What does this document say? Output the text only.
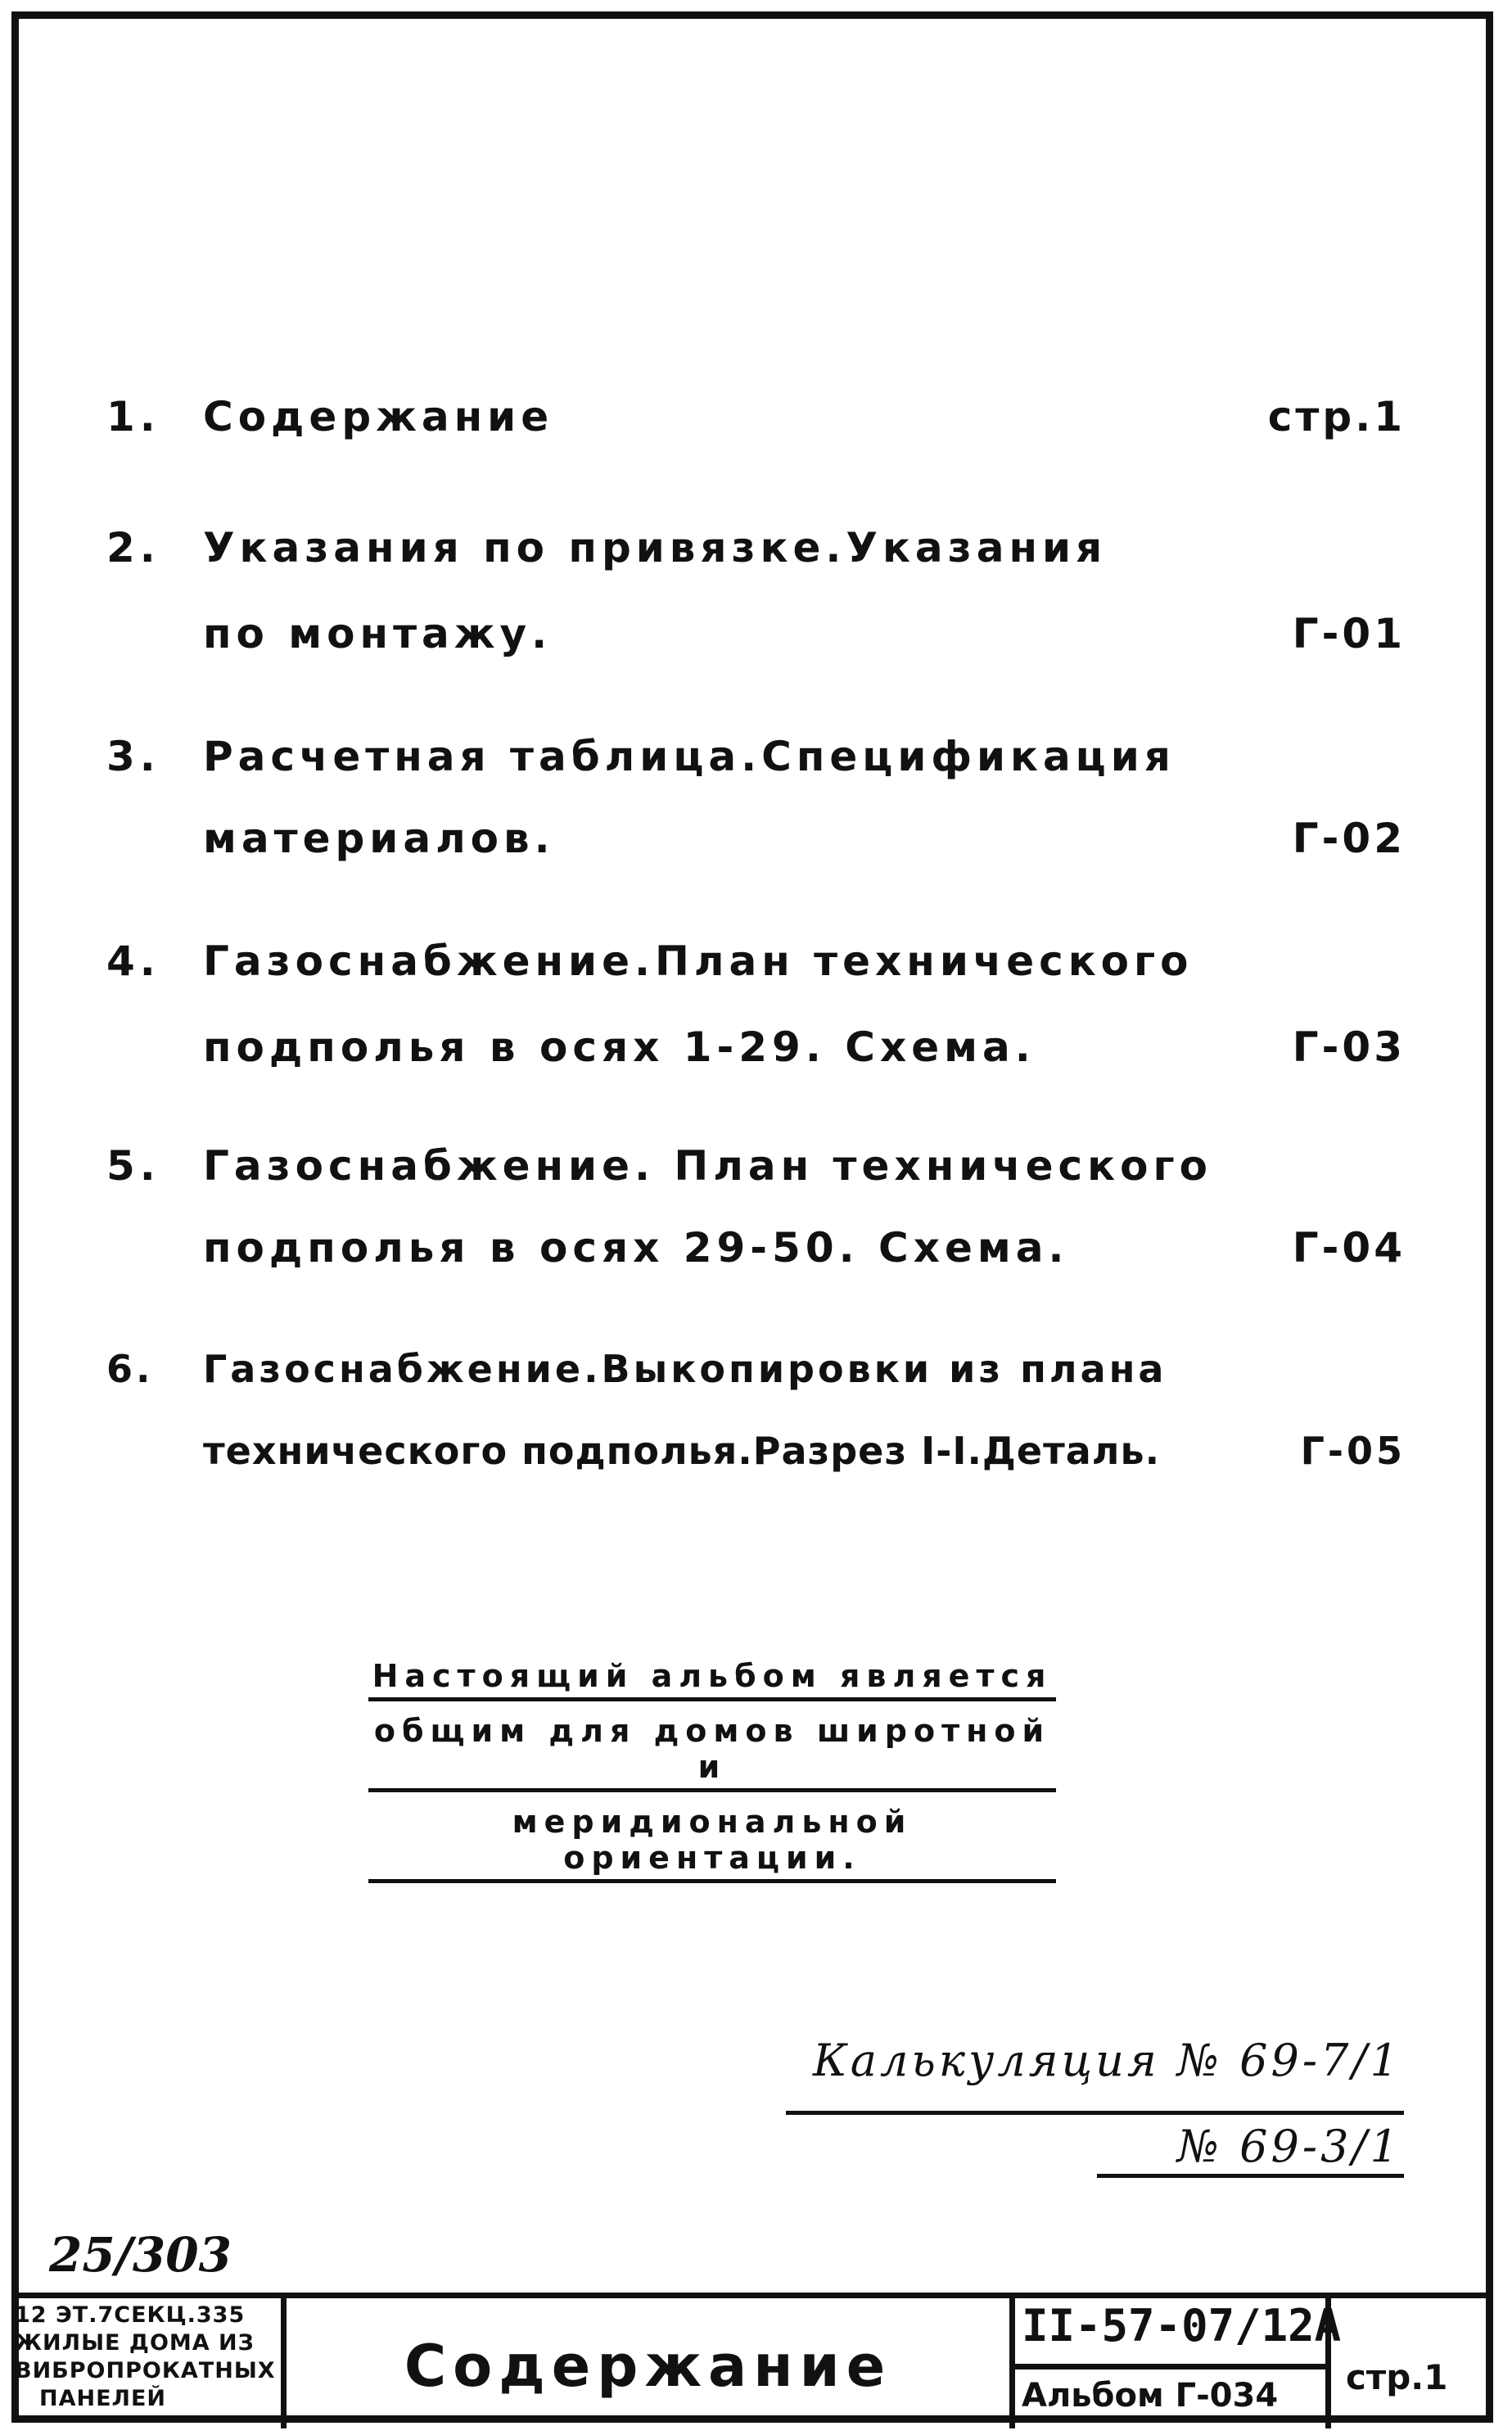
1.	Содержание	стр.1
2.	Указания по привязке.Указания
по монтажу.	Г-01
3.	Расчетная таблица.Спецификация
материалов.	Г-02
4.	Газоснабжение.План технического
подполья в осях 1-29. Схема.	Г-03
5.	Газоснабжение. План технического
подполья в осях 29-50. Схема.	Г-04
6.	Газоснабжение.Выкопировки из плана
технического подполья.Разрез I-I.Деталь.	Г-05
Настоящий альбом является
общим для домов широтной и
меридиональной ориентации.
Калькуляция № 69-7/1
№ 69-3/1
25/303
12 ЭТ.7СЕКЦ.335
ЖИЛЫЕ ДОМА ИЗ
ВИБРОПРОКАТНЫХ
ПАНЕЛЕЙ	Содержание
II-57-07/12А
Альбом Г-034 стр.1
